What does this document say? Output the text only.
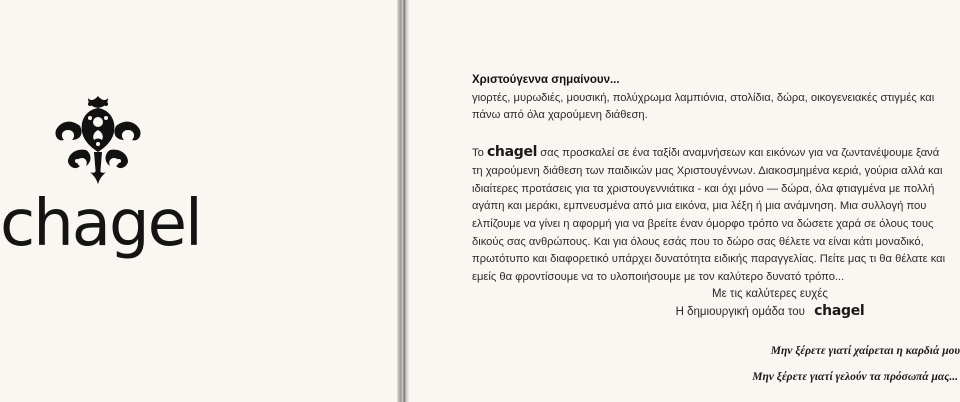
chagel

Χριστούγεννα σημαίνουν...

γιορτές, μυρωδιές, μουσική, πολύχρωμα λαμπιόνια, στολίδια, δώρα, οικογενειακές στιγμές και πάνω από όλα χαρούμενη διάθεση.

Το chagel σας προσκαλεί σε ένα ταξίδι αναμνήσεων και εικόνων για να ζωντανέψουμε ξανά τη χαρούμενη διάθεση των παιδικών μας Χριστουγέννων. Διακοσμημένα κεριά, γούρια αλλά και ιδιαίτερες προτάσεις για τα χριστουγεννιάτικα - και όχι μόνο — δώρα, όλα φτιαγμένα με πολλή αγάπη και μεράκι, εμπνευσμένα από μια εικόνα, μια λέξη ή μια ανάμνηση. Μια συλλογή που ελπίζουμε να γίνει η αφορμή για να βρείτε έναν όμορφο τρόπο να δώσετε χαρά σε όλους τους δικούς σας ανθρώπους. Και για όλους εσάς που το δώρο σας θέλετε να είναι κάτι μοναδικό, πρωτότυπο και διαφορετικό υπάρχει δυνατότητα ειδικής παραγγελίας. Πείτε μας τι θα θέλατε και εμείς θα φροντίσουμε να το υλοποιήσουμε με τον καλύτερο δυνατό τρόπο...

Με τις καλύτερες ευχές
Η δημιουργική ομάδα του chagel
Μην ξέρετε γιατί χαίρεται η καρδιά μου
Μην ξέρετε γιατί γελούν τα πρόσωπά μας...
